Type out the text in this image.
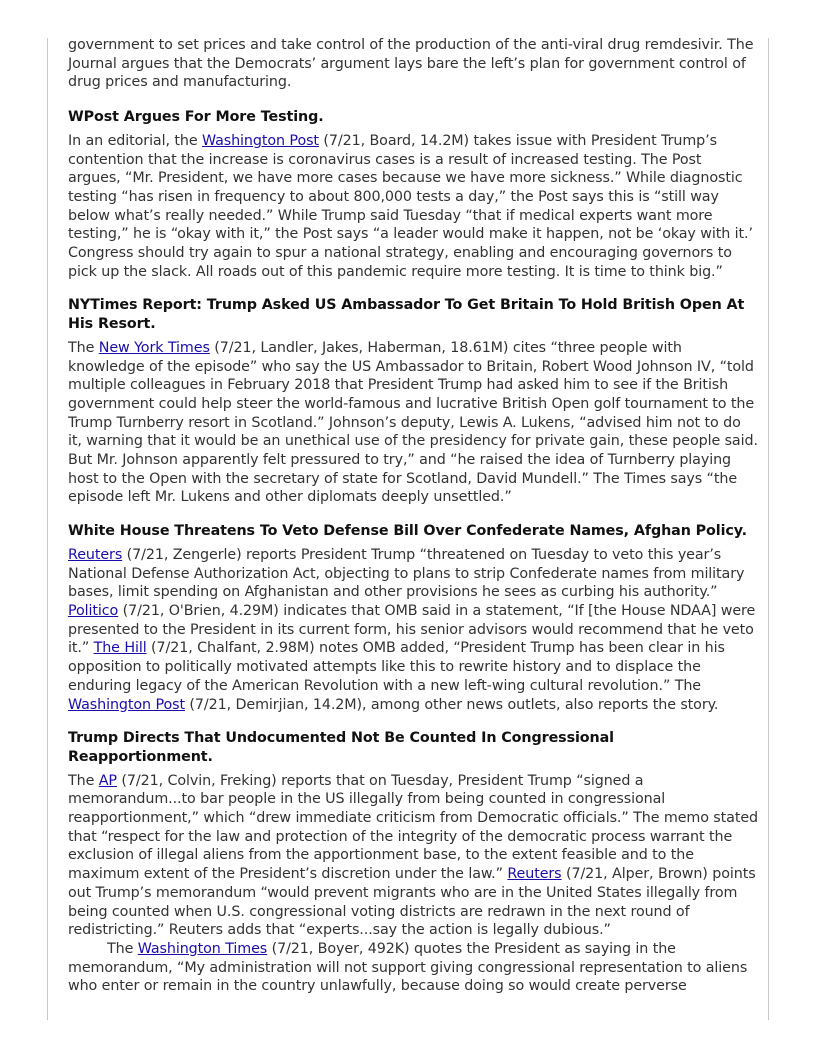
government to set prices and take control of the production of the anti-viral drug remdesivir. The Journal argues that the Democrats’ argument lays bare the left’s plan for government control of drug prices and manufacturing.

WPost Argues For More Testing.

In an editorial, the Washington Post (7/21, Board, 14.2M) takes issue with President Trump’s contention that the increase is coronavirus cases is a result of increased testing. The Post argues, “Mr. President, we have more cases because we have more sickness.” While diagnostic testing “has risen in frequency to about 800,000 tests a day,” the Post says this is “still way below what’s really needed.” While Trump said Tuesday “that if medical experts want more testing,” he is “okay with it,” the Post says “a leader would make it happen, not be ‘okay with it.’ Congress should try again to spur a national strategy, enabling and encouraging governors to pick up the slack. All roads out of this pandemic require more testing. It is time to think big.”

NYTimes Report: Trump Asked US Ambassador To Get Britain To Hold British Open At His Resort.

The New York Times (7/21, Landler, Jakes, Haberman, 18.61M) cites “three people with knowledge of the episode” who say the US Ambassador to Britain, Robert Wood Johnson IV, “told multiple colleagues in February 2018 that President Trump had asked him to see if the British government could help steer the world-famous and lucrative British Open golf tournament to the Trump Turnberry resort in Scotland.” Johnson’s deputy, Lewis A. Lukens, “advised him not to do it, warning that it would be an unethical use of the presidency for private gain, these people said. But Mr. Johnson apparently felt pressured to try,” and “he raised the idea of Turnberry playing host to the Open with the secretary of state for Scotland, David Mundell.” The Times says “the episode left Mr. Lukens and other diplomats deeply unsettled.”

White House Threatens To Veto Defense Bill Over Confederate Names, Afghan Policy.

Reuters (7/21, Zengerle) reports President Trump “threatened on Tuesday to veto this year’s National Defense Authorization Act, objecting to plans to strip Confederate names from military bases, limit spending on Afghanistan and other provisions he sees as curbing his authority.” Politico (7/21, O'Brien, 4.29M) indicates that OMB said in a statement, “If [the House NDAA] were presented to the President in its current form, his senior advisors would recommend that he veto it.” The Hill (7/21, Chalfant, 2.98M) notes OMB added, “President Trump has been clear in his opposition to politically motivated attempts like this to rewrite history and to displace the enduring legacy of the American Revolution with a new left-wing cultural revolution.” The Washington Post (7/21, Demirjian, 14.2M), among other news outlets, also reports the story.

Trump Directs That Undocumented Not Be Counted In Congressional Reapportionment.

The AP (7/21, Colvin, Freking) reports that on Tuesday, President Trump “signed a memorandum...to bar people in the US illegally from being counted in congressional reapportionment,” which “drew immediate criticism from Democratic officials.” The memo stated that “respect for the law and protection of the integrity of the democratic process warrant the exclusion of illegal aliens from the apportionment base, to the extent feasible and to the maximum extent of the President’s discretion under the law.” Reuters (7/21, Alper, Brown) points out Trump’s memorandum “would prevent migrants who are in the United States illegally from being counted when U.S. congressional voting districts are redrawn in the next round of redistricting.” Reuters adds that “experts...say the action is legally dubious.”

The Washington Times (7/21, Boyer, 492K) quotes the President as saying in the memorandum, “My administration will not support giving congressional representation to aliens who enter or remain in the country unlawfully, because doing so would create perverse
